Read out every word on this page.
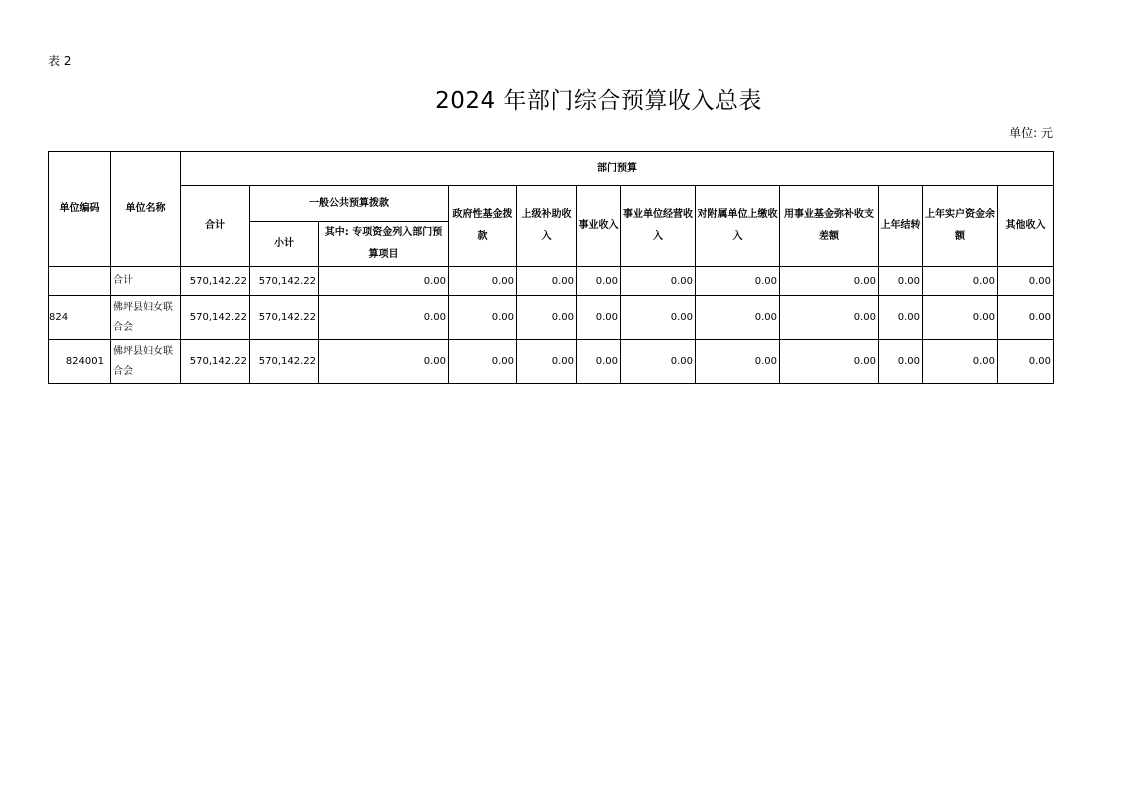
表 2
2024 年部门综合预算收入总表
单位: 元
单位编码	单位名称	部门预算											
		合计	一般公共预算拨款		政府性基金拨款	上级补助收入	事业收入	事业单位经营收入	对附属单位上缴收入	用事业基金弥补收支差额	上年结转	上年实户资金余额	其他收入
			小计	其中: 专项资金列入部门预算项目									
	合计	570,142.22	570,142.22	0.00	0.00	0.00	0.00	0.00	0.00	0.00	0.00	0.00	0.00
824	佛坪县妇女联合会	570,142.22	570,142.22	0.00	0.00	0.00	0.00	0.00	0.00	0.00	0.00	0.00	0.00
824001	佛坪县妇女联合会	570,142.22	570,142.22	0.00	0.00	0.00	0.00	0.00	0.00	0.00	0.00	0.00	0.00
